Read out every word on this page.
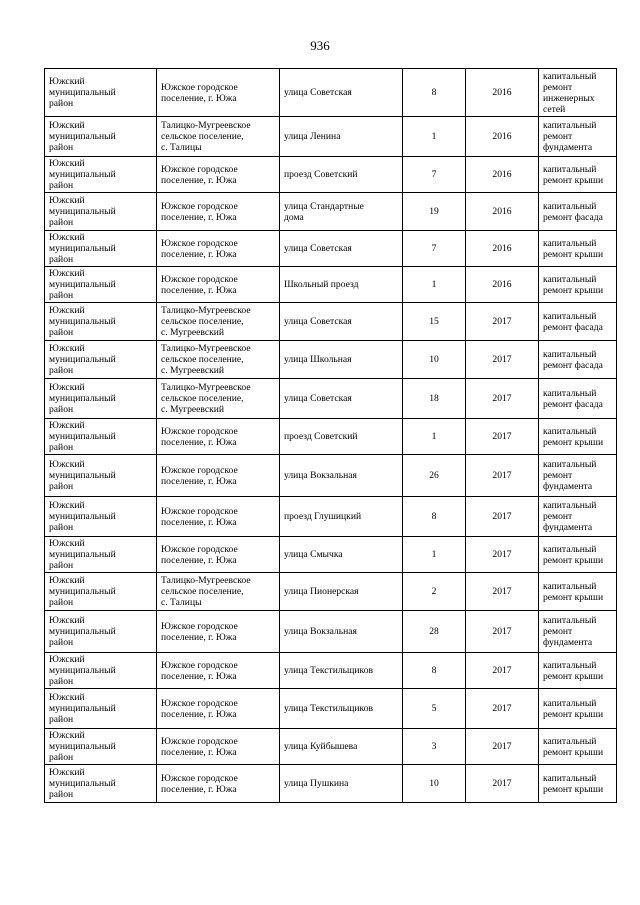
936
Южский
муниципальный
район	Южское городское
поселение, г. Южа	улица Советская	8	2016	капитальный
ремонт
инженерных
сетей
Южский
муниципальный
район	Талицко-Мугреевское
сельское поселение,
с. Талицы	улица Ленина	1	2016	капитальный
ремонт
фундамента
Южский
муниципальный
район	Южское городское
поселение, г. Южа	проезд Советский	7	2016	капитальный
ремонт крыши
Южский
муниципальный
район	Южское городское
поселение, г. Южа	улица Стандартные
дома	19	2016	капитальный
ремонт фасада
Южский
муниципальный
район	Южское городское
поселение, г. Южа	улица Советская	7	2016	капитальный
ремонт крыши
Южский
муниципальный
район	Южское городское
поселение, г. Южа	Школьный проезд	1	2016	капитальный
ремонт крыши
Южский
муниципальный
район	Талицко-Мугреевское
сельское поселение,
с. Мугреевский	улица Советская	15	2017	капитальный
ремонт фасада
Южский
муниципальный
район	Талицко-Мугреевское
сельское поселение,
с. Мугреевский	улица Школьная	10	2017	капитальный
ремонт фасада
Южский
муниципальный
район	Талицко-Мугреевское
сельское поселение,
с. Мугреевский	улица Советская	18	2017	капитальный
ремонт фасада
Южский
муниципальный
район	Южское городское
поселение, г. Южа	проезд Советский	1	2017	капитальный
ремонт крыши
Южский
муниципальный
район	Южское городское
поселение, г. Южа	улица Вокзальная	26	2017	капитальный
ремонт
фундамента
Южский
муниципальный
район	Южское городское
поселение, г. Южа	проезд Глушицкий	8	2017	капитальный
ремонт
фундамента
Южский
муниципальный
район	Южское городское
поселение, г. Южа	улица Смычка	1	2017	капитальный
ремонт крыши
Южский
муниципальный
район	Талицко-Мугреевское
сельское поселение,
с. Талицы	улица Пионерская	2	2017	капитальный
ремонт крыши
Южский
муниципальный
район	Южское городское
поселение, г. Южа	улица Вокзальная	28	2017	капитальный
ремонт
фундамента
Южский
муниципальный
район	Южское городское
поселение, г. Южа	улица Текстильщиков	8	2017	капитальный
ремонт крыши
Южский
муниципальный
район	Южское городское
поселение, г. Южа	улица Текстильщиков	5	2017	капитальный
ремонт крыши
Южский
муниципальный
район	Южское городское
поселение, г. Южа	улица Куйбышева	3	2017	капитальный
ремонт крыши
Южский
муниципальный
район	Южское городское
поселение, г. Южа	улица Пушкина	10	2017	капитальный
ремонт крыши
